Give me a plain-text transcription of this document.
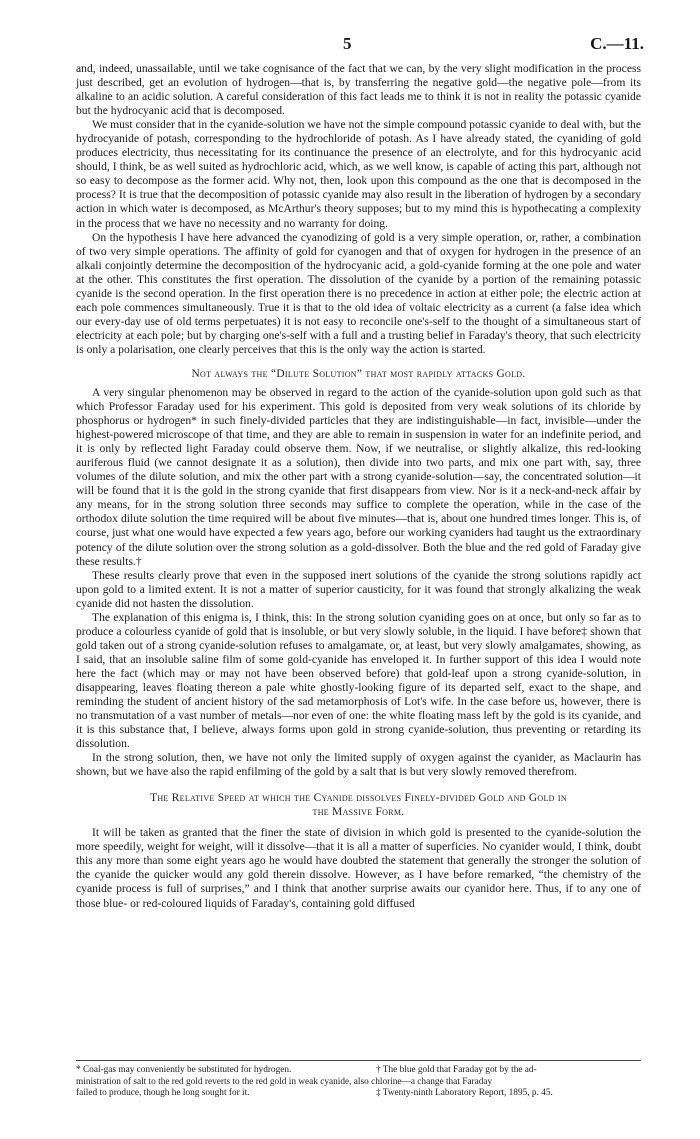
5	C.—11.

and, indeed, unassailable, until we take cognisance of the fact that we can, by the very slight modification in the process just described, get an evolution of hydrogen—that is, by transferring the negative gold—the negative pole—from its alkaline to an acidic solution. A careful consideration of this fact leads me to think it is not in reality the potassic cyanide but the hydrocyanic acid that is decomposed.

We must consider that in the cyanide-solution we have not the simple compound potassic cyanide to deal with, but the hydrocyanide of potash, corresponding to the hydrochloride of potash. As I have already stated, the cyaniding of gold produces electricity, thus necessitating for its continuance the presence of an electrolyte, and for this hydrocyanic acid should, I think, be as well suited as hydrochloric acid, which, as we well know, is capable of acting this part, although not so easy to decompose as the former acid. Why not, then, look upon this compound as the one that is decomposed in the process? It is true that the decomposition of potassic cyanide may also result in the liberation of hydrogen by a secondary action in which water is decomposed, as McArthur's theory supposes; but to my mind this is hypothecating a complexity in the process that we have no necessity and no warranty for doing.

On the hypothesis I have here advanced the cyanodizing of gold is a very simple operation, or, rather, a combination of two very simple operations. The affinity of gold for cyanogen and that of oxygen for hydrogen in the presence of an alkali conjointly determine the decomposition of the hydrocyanic acid, a gold-cyanide forming at the one pole and water at the other. This constitutes the first operation. The dissolution of the cyanide by a portion of the remaining potassic cyanide is the second operation. In the first operation there is no precedence in action at either pole; the electric action at each pole commences simultaneously. True it is that to the old idea of voltaic electricity as a current (a false idea which our every-day use of old terms perpetuates) it is not easy to reconcile one's-self to the thought of a simultaneous start of electricity at each pole; but by charging one's-self with a full and a trusting belief in Faraday's theory, that such electricity is only a polarisation, one clearly perceives that this is the only way the action is started.

Not always the “Dilute Solution” that most rapidly attacks Gold.

A very singular phenomenon may be observed in regard to the action of the cyanide-solution upon gold such as that which Professor Faraday used for his experiment. This gold is deposited from very weak solutions of its chloride by phosphorus or hydrogen* in such finely-divided particles that they are indistinguishable—in fact, invisible—under the highest-powered microscope of that time, and they are able to remain in suspension in water for an indefinite period, and it is only by reflected light Faraday could observe them. Now, if we neutralise, or slightly alkalize, this red-looking auriferous fluid (we cannot designate it as a solution), then divide into two parts, and mix one part with, say, three volumes of the dilute solution, and mix the other part with a strong cyanide-solution—say, the concentrated solution—it will be found that it is the gold in the strong cyanide that first disappears from view. Nor is it a neck-and-neck affair by any means, for in the strong solution three seconds may suffice to complete the operation, while in the case of the orthodox dilute solution the time required will be about five minutes—that is, about one hundred times longer. This is, of course, just what one would have expected a few years ago, before our working cyaniders had taught us the extraordinary potency of the dilute solution over the strong solution as a gold-dissolver. Both the blue and the red gold of Faraday give these results.†

These results clearly prove that even in the supposed inert solutions of the cyanide the strong solutions rapidly act upon gold to a limited extent. It is not a matter of superior causticity, for it was found that strongly alkalizing the weak cyanide did not hasten the dissolution.

The explanation of this enigma is, I think, this: In the strong solution cyaniding goes on at once, but only so far as to produce a colourless cyanide of gold that is insoluble, or but very slowly soluble, in the liquid. I have before‡ shown that gold taken out of a strong cyanide-solution refuses to amalgamate, or, at least, but very slowly amalgamates, showing, as I said, that an insoluble saline film of some gold-cyanide has enveloped it. In further support of this idea I would note here the fact (which may or may not have been observed before) that gold-leaf upon a strong cyanide-solution, in disappearing, leaves floating thereon a pale white ghostly-looking figure of its departed self, exact to the shape, and reminding the student of ancient history of the sad metamorphosis of Lot's wife. In the case before us, however, there is no transmutation of a vast number of metals—nor even of one: the white floating mass left by the gold is its cyanide, and it is this substance that, I believe, always forms upon gold in strong cyanide-solution, thus preventing or retarding its dissolution.

In the strong solution, then, we have not only the limited supply of oxygen against the cyanider, as Maclaurin has shown, but we have also the rapid enfilming of the gold by a salt that is but very slowly removed therefrom.

The Relative Speed at which the Cyanide dissolves Finely-divided Gold and Gold in
the Massive Form.

It will be taken as granted that the finer the state of division in which gold is presented to the cyanide-solution the more speedily, weight for weight, will it dissolve—that it is all a matter of superficies. No cyanider would, I think, doubt this any more than some eight years ago he would have doubted the statement that generally the stronger the solution of the cyanide the quicker would any gold therein dissolve. However, as I have before remarked, “the chemistry of the cyanide process is full of surprises,” and I think that another surprise awaits our cyanidor here. Thus, if to any one of those blue- or red-coloured liquids of Faraday's, containing gold diffused

* Coal-gas may conveniently be substituted for hydrogen.	† The blue gold that Faraday got by the ad-
ministration of salt to the red gold reverts to the red gold in weak cyanide, also chlorine—a change that Faraday
failed to produce, though he long sought for it.	‡ Twenty-ninth Laboratory Report, 1895, p. 45.
